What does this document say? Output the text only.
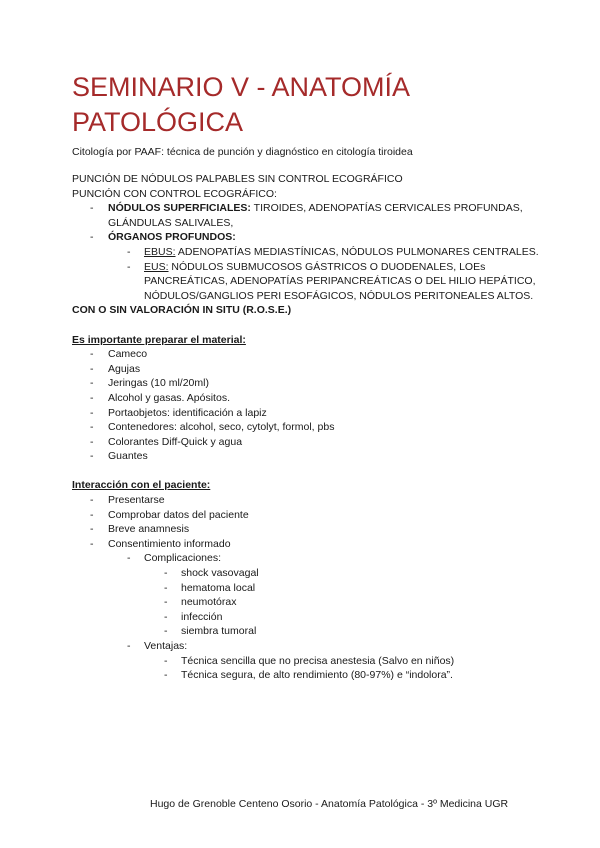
SEMINARIO V - ANATOMÍA PATOLÓGICA

Citología por PAAF: técnica de punción y diagnóstico en citología tiroidea

PUNCIÓN DE NÓDULOS PALPABLES SIN CONTROL ECOGRÁFICO

PUNCIÓN CON CONTROL ECOGRÁFICO:

- NÓDULOS SUPERFICIALES: TIROIDES, ADENOPATÍAS CERVICALES PROFUNDAS, GLÁNDULAS SALIVALES,
- ÓRGANOS PROFUNDOS:
- EBUS: ADENOPATÍAS MEDIASTÍNICAS, NÓDULOS PULMONARES CENTRALES.
- EUS: NÓDULOS SUBMUCOSOS GÁSTRICOS O DUODENALES, LOEs PANCREÁTICAS, ADENOPATÍAS PERIPANCREÁTICAS O DEL HILIO HEPÁTICO, NÓDULOS/GANGLIOS PERI ESOFÁGICOS, NÓDULOS PERITONEALES ALTOS.

CON O SIN VALORACIÓN IN SITU (R.O.S.E.)

Es importante preparar el material:

- Cameco
- Agujas
- Jeringas (10 ml/20ml)
- Alcohol y gasas. Apósitos.
- Portaobjetos: identificación a lapiz
- Contenedores: alcohol, seco, cytolyt, formol, pbs
- Colorantes Diff-Quick y agua
- Guantes

Interacción con el paciente:

- Presentarse
- Comprobar datos del paciente
- Breve anamnesis
- Consentimiento informado
- Complicaciones:
- shock vasovagal
- hematoma local
- neumotórax
- infección
- siembra tumoral
- Ventajas:
- Técnica sencilla que no precisa anestesia (Salvo en niños)
- Técnica segura, de alto rendimiento (80-97%) e “indolora”.

Hugo de Grenoble Centeno Osorio - Anatomía Patológica - 3º Medicina UGR
